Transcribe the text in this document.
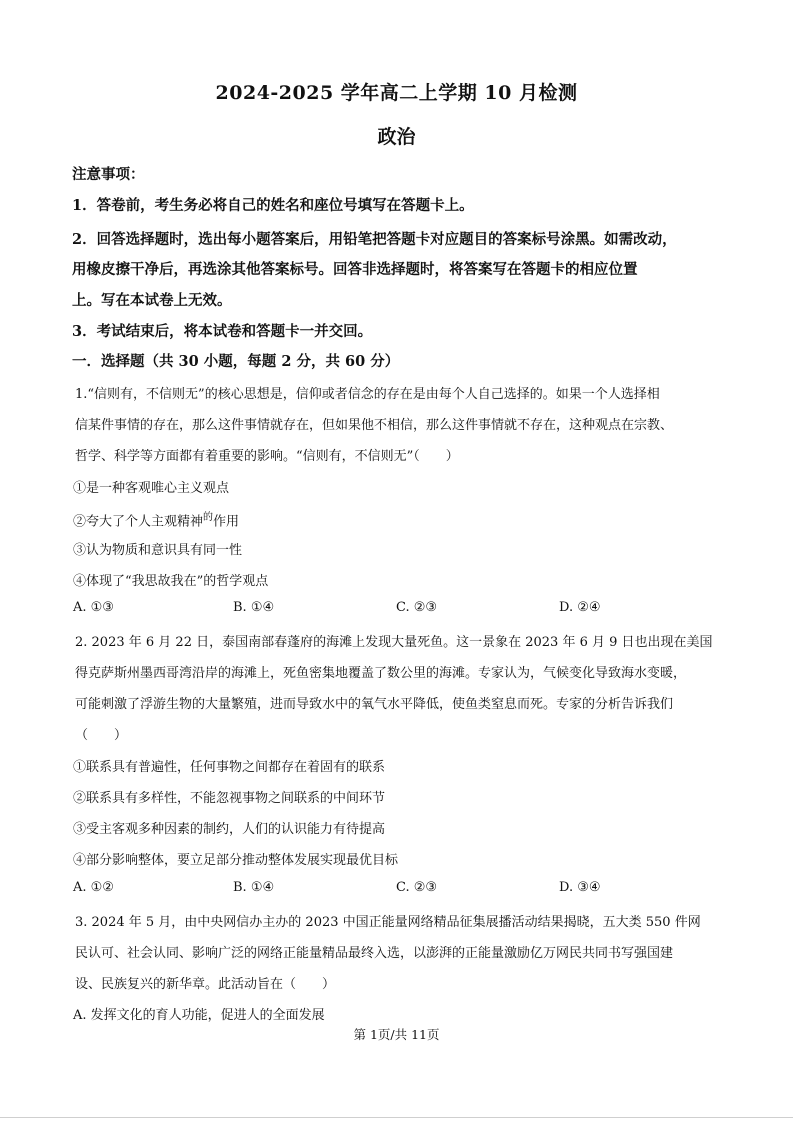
2024-2025 学年高二上学期 10 月检测
政治
注意事项：
1．答卷前，考生务必将自己的姓名和座位号填写在答题卡上。
2．回答选择题时，选出每小题答案后，用铅笔把答题卡对应题目的答案标号涂黑。如需改动，
用橡皮擦干净后，再选涂其他答案标号。回答非选择题时，将答案写在答题卡的相应位置
上。写在本试卷上无效。
3．考试结束后，将本试卷和答题卡一并交回。
一．选择题（共 30 小题，每题 2 分，共 60 分）
1.“信则有，不信则无”的核心思想是，信仰或者信念的存在是由每个人自己选择的。如果一个人选择相
信某件事情的存在，那么这件事情就存在，但如果他不相信，那么这件事情就不存在，这种观点在宗教、
哲学、科学等方面都有着重要的影响。“信则有，不信则无”（　　）
①是一种客观唯心主义观点
②夸大了个人主观精神$^的$作用
③认为物质和意识具有同一性
④体现了“我思故我在”的哲学观点
A. ①③	B. ①④	C. ②③	D. ②④
2. 2023 年 6 月 22 日，泰国南部春蓬府的海滩上发现大量死鱼。这一景象在 2023 年 6 月 9 日也出现在美国
得克萨斯州墨西哥湾沿岸的海滩上，死鱼密集地覆盖了数公里的海滩。专家认为，气候变化导致海水变暖，
可能刺激了浮游生物的大量繁殖，进而导致水中的氧气水平降低，使鱼类窒息而死。专家的分析告诉我们
（　　）
①联系具有普遍性，任何事物之间都存在着固有的联系
②联系具有多样性，不能忽视事物之间联系的中间环节
③受主客观多种因素的制约，人们的认识能力有待提高
④部分影响整体，要立足部分推动整体发展实现最优目标
A. ①②	B. ①④	C. ②③	D. ③④
3. 2024 年 5 月，由中央网信办主办的 2023 中国正能量网络精品征集展播活动结果揭晓，五大类 550 件网
民认可、社会认同、影响广泛的网络正能量精品最终入选，以澎湃的正能量激励亿万网民共同书写强国建
设、民族复兴的新华章。此活动旨在（　　）
A. 发挥文化的育人功能，促进人的全面发展
第 1页/共 11页
